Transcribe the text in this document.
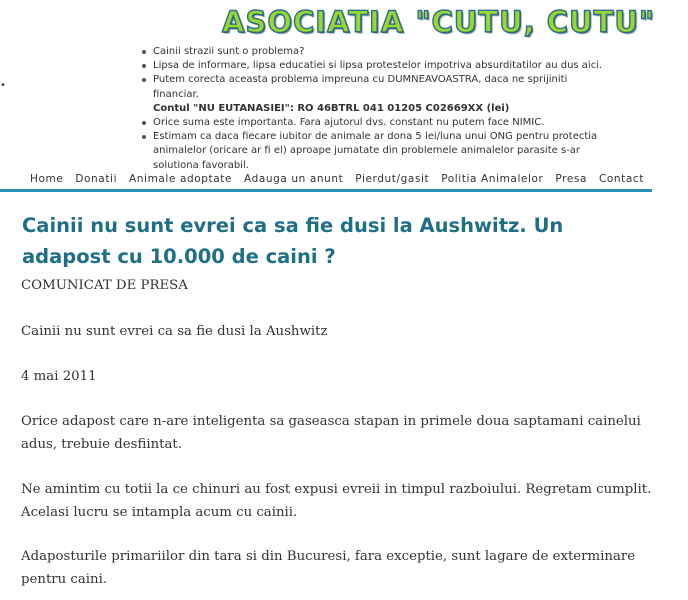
•
ASOCIATIA "CUTU, CUTU"
Cainii strazii sunt o problema?
Lipsa de informare, lipsa educatiei si lipsa protestelor impotriva absurditatilor au dus aici.
Putem corecta aceasta problema impreuna cu DUMNEAVOASTRA, daca ne sprijiniti financiar.
Contul "NU EUTANASIEI": RO 46BTRL 041 01205 C02669XX (lei)
Orice suma este importanta. Fara ajutorul dvs. constant nu putem face NIMIC.
Estimam ca daca fiecare iubitor de animale ar dona 5 lei/luna unui ONG pentru protectia animalelor (oricare ar fi el) aproape jumatate din problemele animalelor parasite s-ar solutiona favorabil.
Home Donatii Animale adoptate Adauga un anunt Pierdut/gasit Politia Animalelor Presa Contact
Cainii nu sunt evrei ca sa fie dusi la Aushwitz. Un adapost cu 10.000 de caini ?

COMUNICAT DE PRESA

Cainii nu sunt evrei ca sa fie dusi la Aushwitz

4 mai 2011

Orice adapost care n-are inteligenta sa gaseasca stapan in primele doua saptamani cainelui adus, trebuie desfiintat.

Ne amintim cu totii la ce chinuri au fost expusi evreii in timpul razboiului. Regretam cumplit. Acelasi lucru se intampla acum cu cainii.

Adaposturile primariilor din tara si din Bucuresi, fara exceptie, sunt lagare de exterminare pentru caini.
